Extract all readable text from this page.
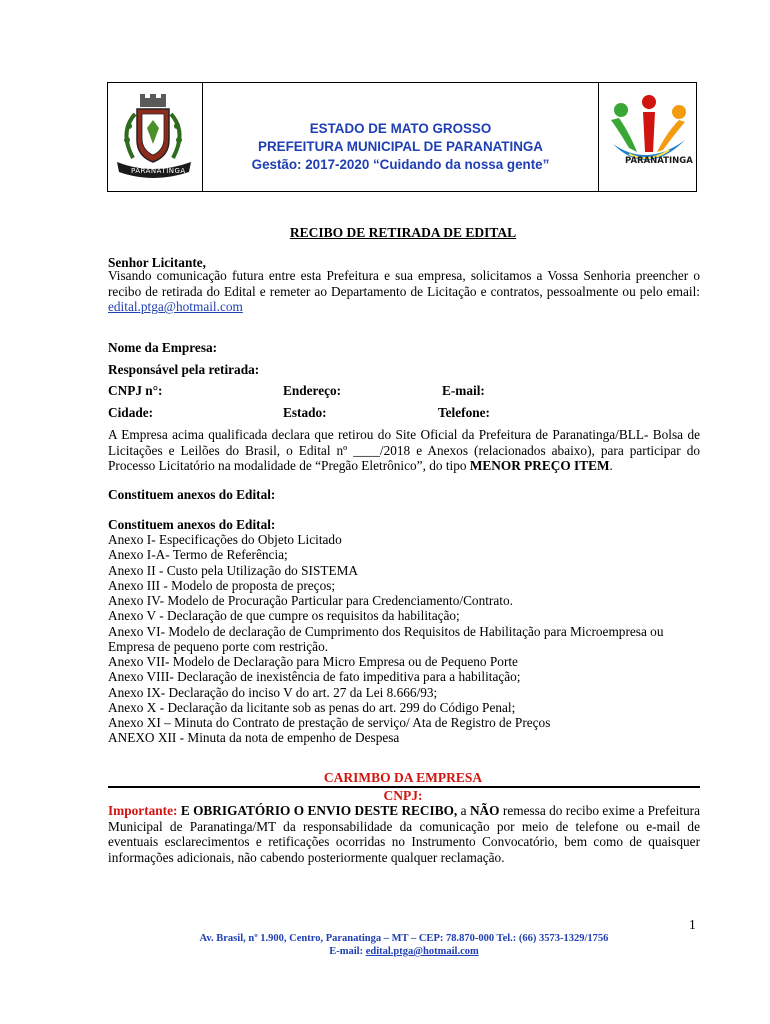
PARANATINGA
ESTADO DE MATO GROSSO
PREFEITURA MUNICIPAL DE PARANATINGA
Gestão: 2017-2020 “Cuidando da nossa gente”	PARANATINGA
RECIBO DE RETIRADA DE EDITAL
Senhor Licitante,
Visando comunicação futura entre esta Prefeitura e sua empresa, solicitamos a Vossa Senhoria preencher o recibo de retirada do Edital e remeter ao Departamento de Licitação e contratos, pessoalmente ou pelo email: edital.ptga@hotmail.com
Nome da Empresa:
Responsável pela retirada:
CNPJ n°:	Endereço:	E-mail:
Cidade:	Estado:	Telefone:
A Empresa acima qualificada declara que retirou do Site Oficial da Prefeitura de Paranatinga/BLL- Bolsa de Licitações e Leilões do Brasil, o Edital nº ____/2018 e Anexos (relacionados abaixo), para participar do Processo Licitatório na modalidade de “Pregão Eletrônico”, do tipo MENOR PREÇO ITEM.
Constituem anexos do Edital:
Constituem anexos do Edital:
Anexo I- Especificações do Objeto Licitado
Anexo I-A- Termo de Referência;
Anexo II - Custo pela Utilização do SISTEMA
Anexo III - Modelo de proposta de preços;
Anexo IV- Modelo de Procuração Particular para Credenciamento/Contrato.
Anexo V - Declaração de que cumpre os requisitos da habilitação;
Anexo VI- Modelo de declaração de Cumprimento dos Requisitos de Habilitação para Microempresa ou
Empresa de pequeno porte com restrição.
Anexo VII- Modelo de Declaração para Micro Empresa ou de Pequeno Porte
Anexo VIII- Declaração de inexistência de fato impeditiva para a habilitação;
Anexo IX- Declaração do inciso V do art. 27 da Lei 8.666/93;
Anexo X - Declaração da licitante sob as penas do art. 299 do Código Penal;
Anexo XI – Minuta do Contrato de prestação de serviço/ Ata de Registro de Preços
ANEXO XII - Minuta da nota de empenho de Despesa
CARIMBO DA EMPRESA
CNPJ:
Importante: E OBRIGATÓRIO O ENVIO DESTE RECIBO, a NÃO remessa do recibo exime a Prefeitura Municipal de Paranatinga/MT da responsabilidade da comunicação por meio de telefone ou e-mail de eventuais esclarecimentos e retificações ocorridas no Instrumento Convocatório, bem como de quaisquer informações adicionais, não cabendo posteriormente qualquer reclamação.
1
Av. Brasil, nº 1.900, Centro, Paranatinga – MT – CEP: 78.870-000 Tel.: (66) 3573-1329/1756
E-mail: edital.ptga@hotmail.com
